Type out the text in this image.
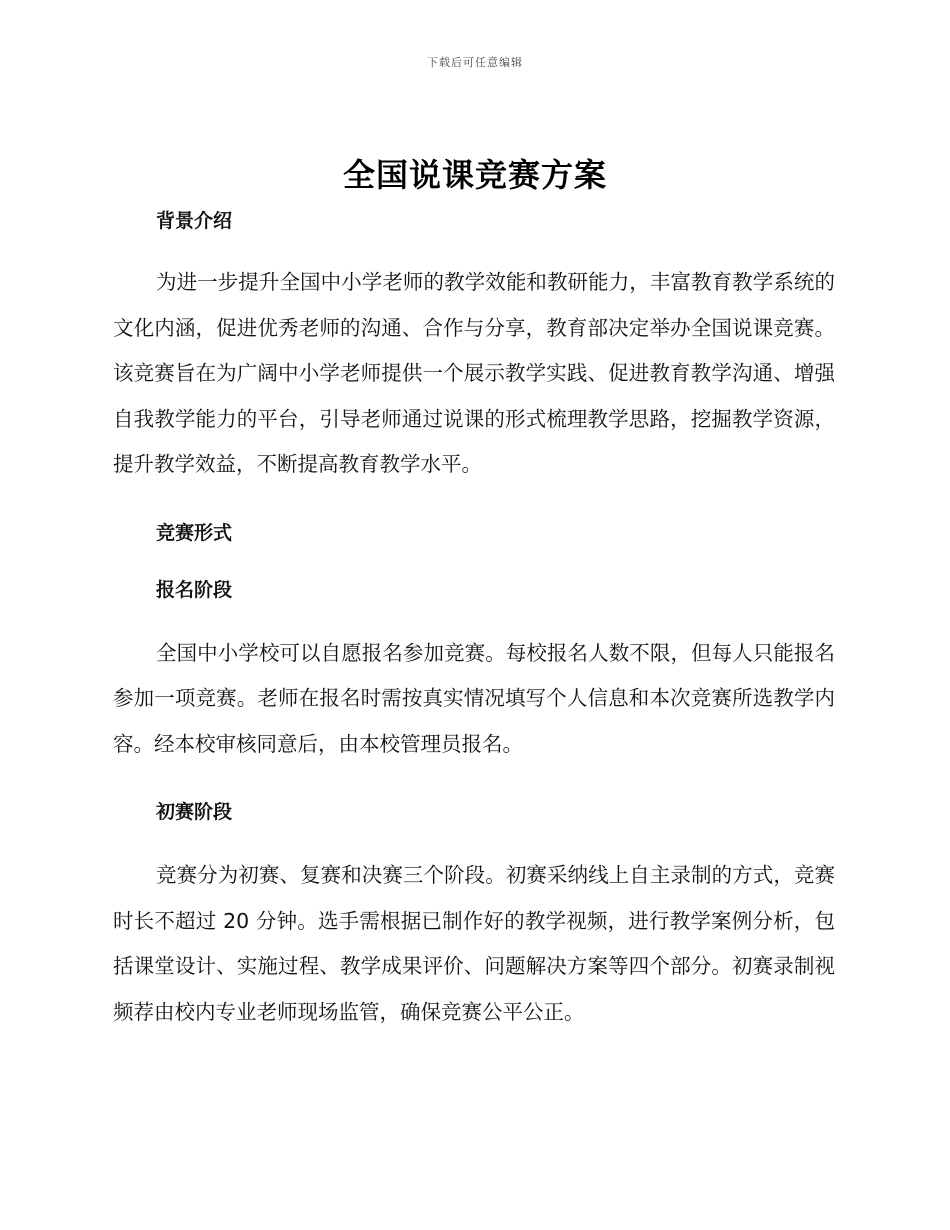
下载后可任意编辑
全国说课竞赛方案
背景介绍

为进一步提升全国中小学老师的教学效能和教研能力，丰富教育教学系统的文化内涵，促进优秀老师的沟通、合作与分享，教育部决定举办全国说课竞赛。该竞赛旨在为广阔中小学老师提供一个展示教学实践、促进教育教学沟通、增强自我教学能力的平台，引导老师通过说课的形式梳理教学思路，挖掘教学资源，提升教学效益，不断提高教育教学水平。

竞赛形式
报名阶段

全国中小学校可以自愿报名参加竞赛。每校报名人数不限，但每人只能报名参加一项竞赛。老师在报名时需按真实情况填写个人信息和本次竞赛所选教学内容。经本校审核同意后，由本校管理员报名。

初赛阶段

竞赛分为初赛、复赛和决赛三个阶段。初赛采纳线上自主录制的方式，竞赛时长不超过 20 分钟。选手需根据已制作好的教学视频，进行教学案例分析，包括课堂设计、实施过程、教学成果评价、问题解决方案等四个部分。初赛录制视频荐由校内专业老师现场监管，确保竞赛公平公正。
